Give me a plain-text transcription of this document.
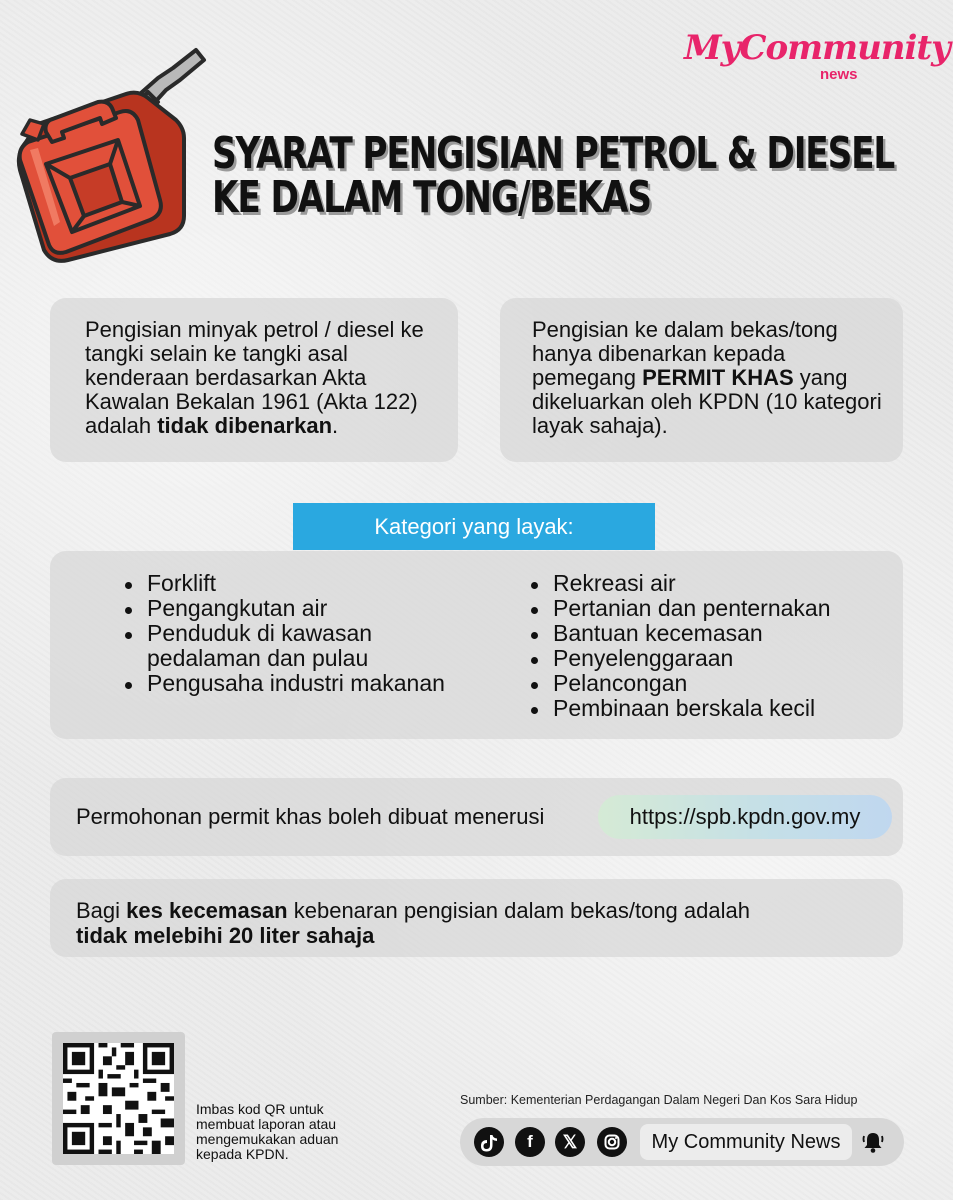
MyCommunity
news
SYARAT PENGISIAN PETROL & DIESEL
KE DALAM TONG/BEKAS
Pengisian minyak petrol / diesel ke tangki selain ke tangki asal kenderaan berdasarkan Akta Kawalan Bekalan 1961 (Akta 122) adalah tidak dibenarkan.
Pengisian ke dalam bekas/tong hanya dibenarkan kepada pemegang PERMIT KHAS yang dikeluarkan oleh KPDN (10 kategori layak sahaja).
Kategori yang layak:
Forklift
Pengangkutan air
Penduduk di kawasan pedalaman dan pulau
Pengusaha industri makanan
Rekreasi air
Pertanian dan penternakan
Bantuan kecemasan
Penyelenggaraan
Pelancongan
Pembinaan berskala kecil
Permohonan permit khas boleh dibuat menerusi	https://spb.kpdn.gov.my
Bagi kes kecemasan kebenaran pengisian dalam bekas/tong adalah
tidak melebihi 20 liter sahaja
Imbas kod QR untuk membuat laporan atau mengemukakan aduan kepada KPDN.
Sumber: Kementerian Perdagangan Dalam Negeri Dan Kos Sara Hidup
f	𝕏	My Community News
